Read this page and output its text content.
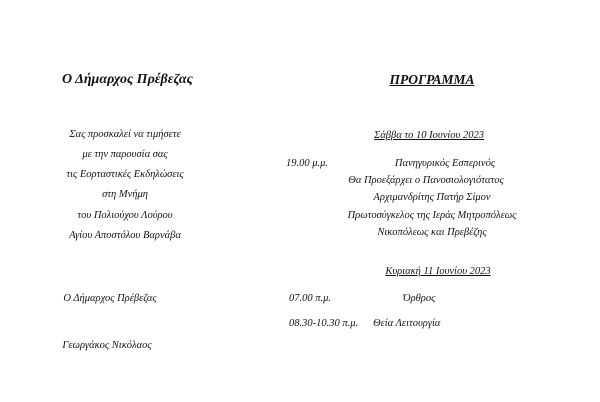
Ο Δήμαρχος Πρέβεζας
Σας προσκαλεί να τιμήσετε
με την παρουσία σας
τις Εορταστικές Εκδηλώσεις
στη Μνήμη
του Πολιούχου Λούρου
Αγίου Αποστόλου Βαρνάβα
Ο Δήμαρχος Πρέβεζας
Γεωργάκος Νικόλαος
ΠΡΟΓΡΑΜΜΑ
Σάββα το 10 Ιουνίου 2023
19.00 μ.μ.	Πανηγυρικός Εσπερινός
Θα Προεξάρχει ο Πανοσιολογιότατος
Αρχιμανδρίτης Πατήρ Σίμον
Πρωτοσύγκελος της Ιεράς Μητροπόλεως
Νικοπόλεως και Πρεβέζης
Κυριακή 11 Ιουνίου 2023
07.00 π.μ.	Όρθρος
08.30-10.30 π.μ. Θεία Λειτουργία
